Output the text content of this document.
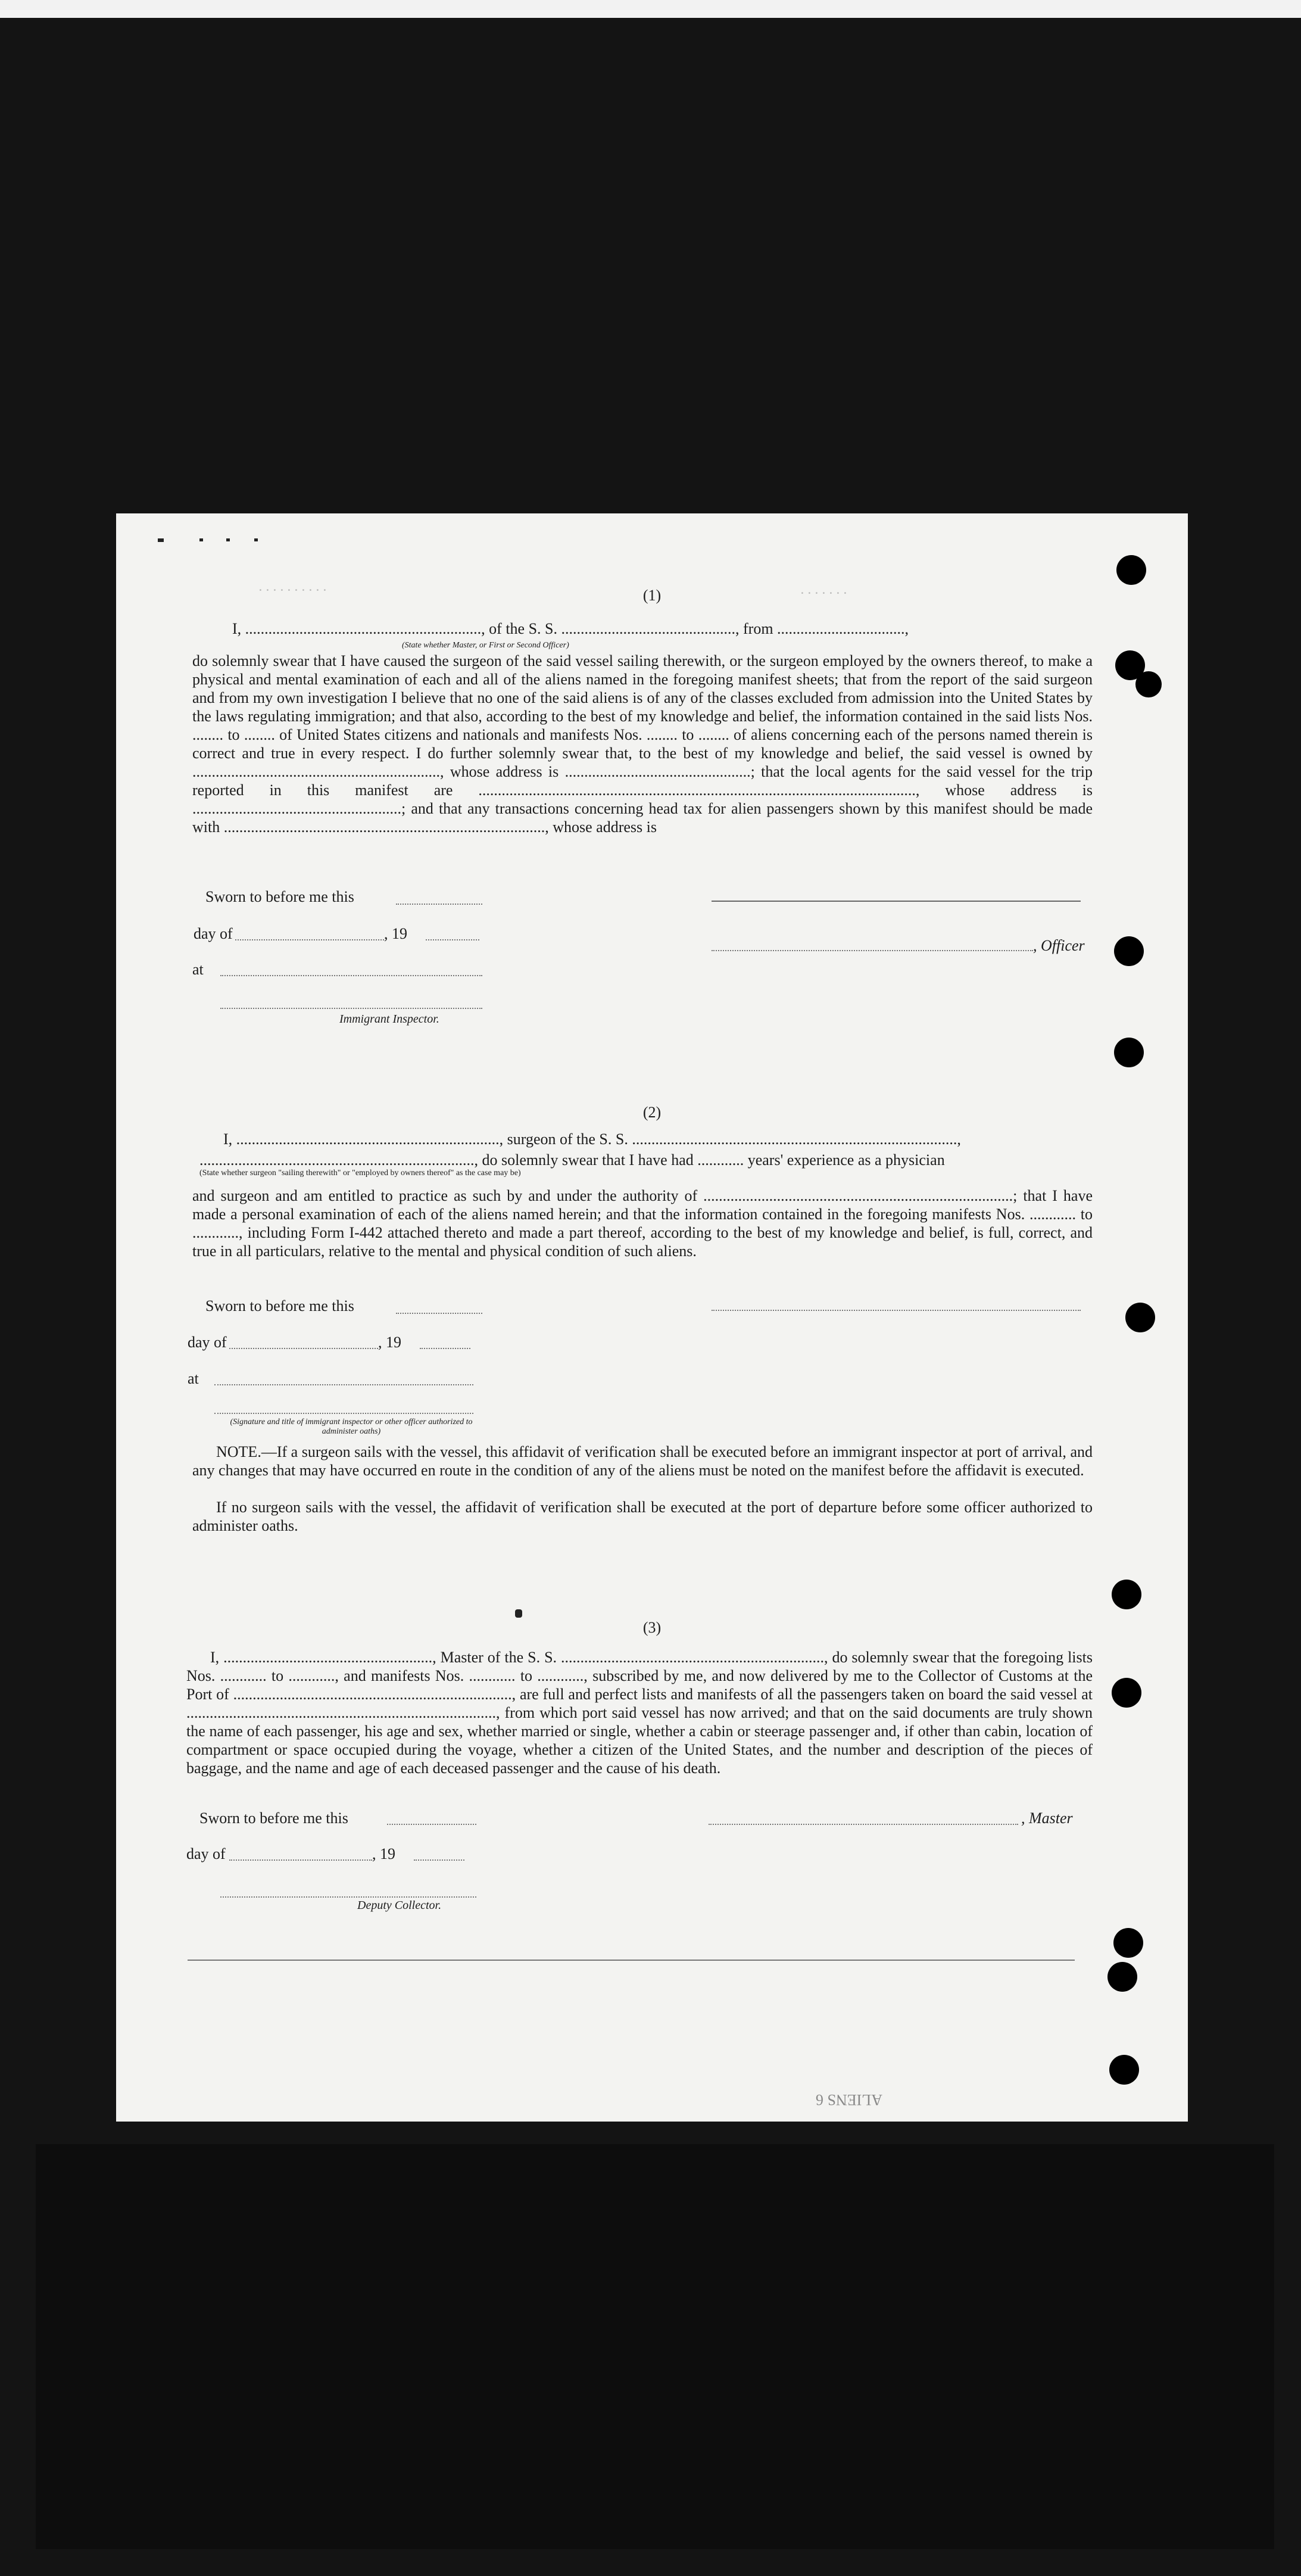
. . . . . . . . . .	. . . . . . .
(1)
I, ............................................................., of the S. S. ............................................., from .................................,
(State whether Master, or First or Second Officer)
do solemnly swear that I have caused the surgeon of the said vessel sailing therewith, or the surgeon employed by the owners thereof, to make a physical and mental examination of each and all of the aliens named in the foregoing manifest sheets; that from the report of the said surgeon and from my own investigation I believe that no one of the said aliens is of any of the classes excluded from admission into the United States by the laws regulating immigration; and that also, according to the best of my knowledge and belief, the information contained in the said lists Nos. ........ to ........ of United States citizens and nationals and manifests Nos. ........ to ........ of aliens concerning each of the persons named therein is correct and true in every respect. I do further solemnly swear that, to the best of my knowledge and belief, the said vessel is owned by ................................................................, whose address is ................................................; that the local agents for the said vessel for the trip reported in this manifest are ................................................................................................................., whose address is ......................................................; and that any transactions concerning head tax for alien passengers shown by this manifest should be made with ..................................................................................., whose address is
Sworn to before me this
day of	, 19
, Officer
at
Immigrant Inspector.
(2)
I, ...................................................................., surgeon of the S. S. ....................................................................................,
......................................................................., do solemnly swear that I have had ............ years' experience as a physician
(State whether surgeon "sailing therewith" or "employed by owners thereof" as the case may be)
and surgeon and am entitled to practice as such by and under the authority of ................................................................................; that I have made a personal examination of each of the aliens named herein; and that the information contained in the foregoing manifests Nos. ............ to ............, including Form I-442 attached thereto and made a part thereof, according to the best of my knowledge and belief, is full, correct, and true in all particulars, relative to the mental and physical condition of such aliens.
Sworn to before me this
day of	, 19
at
(Signature and title of immigrant inspector or other officer authorized to administer oaths)
NOTE.—If a surgeon sails with the vessel, this affidavit of verification shall be executed before an immigrant inspector at port of arrival, and any changes that may have occurred en route in the condition of any of the aliens must be noted on the manifest before the affidavit is executed.
If no surgeon sails with the vessel, the affidavit of verification shall be executed at the port of departure before some officer authorized to administer oaths.
(3)
I, ......................................................, Master of the S. S. ...................................................................., do solemnly swear that the foregoing lists Nos. ............ to ............, and manifests Nos. ............ to ............, subscribed by me, and now delivered by me to the Collector of Customs at the Port of ........................................................................, are full and perfect lists and manifests of all the passengers taken on board the said vessel at ................................................................................, from which port said vessel has now arrived; and that on the said documents are truly shown the name of each passenger, his age and sex, whether married or single, whether a cabin or steerage passenger and, if other than cabin, location of compartment or space occupied during the voyage, whether a citizen of the United States, and the number and description of the pieces of baggage, and the name and age of each deceased passenger and the cause of his death.
Sworn to before me this	, Master
day of	, 19
Deputy Collector.
ALIENS 6
